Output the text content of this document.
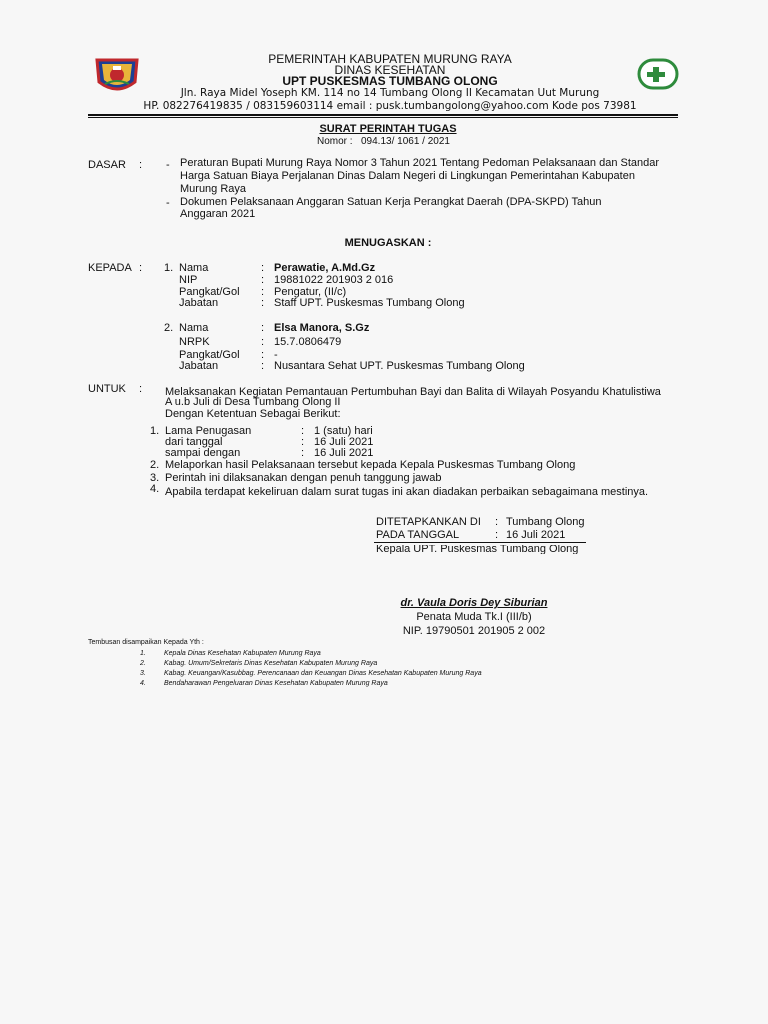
PEMERINTAH KABUPATEN MURUNG RAYA
DINAS KESEHATAN
UPT PUSKESMAS TUMBANG OLONG
Jln. Raya Midel Yoseph KM. 114 no 14 Tumbang Olong II Kecamatan Uut Murung
HP. 082276419835 / 083159603114 email : pusk.tumbangolong@yahoo.com Kode pos 73981
SURAT PERINTAH TUGAS
Nomor : 094.13/ 1061 / 2021
DASAR : - Peraturan Bupati Murung Raya Nomor 3 Tahun 2021 Tentang Pedoman Pelaksanaan dan Standar
Harga Satuan Biaya Perjalanan Dinas Dalam Negeri di Lingkungan Pemerintahan Kabupaten
Murung Raya
- Dokumen Pelaksanaan Anggaran Satuan Kerja Perangkat Daerah (DPA-SKPD) Tahun
Anggaran 2021
MENUGASKAN :
KEPADA : 1. Nama	: Perawatie, A.Md.Gz
NIP	: 19881022 201903 2 016
Pangkat/Gol : Pengatur, (II/c)
Jabatan	: Staff UPT. Puskesmas Tumbang Olong
2. Nama	: Elsa Manora, S.Gz
NRPK	: 15.7.0806479
Pangkat/Gol : -
Jabatan	: Nusantara Sehat UPT. Puskesmas Tumbang Olong
UNTUK : Melaksanakan Kegiatan Pemantauan Pertumbuhan Bayi dan Balita di Wilayah Posyandu Khatulistiwa
A u.b Juli di Desa Tumbang Olong II
Dengan Ketentuan Sebagai Berikut:
1. Lama Penugasan	: 1 (satu) hari
dari tanggal	: 16 Juli 2021
sampai dengan	: 16 Juli 2021
2. Melaporkan hasil Pelaksanaan tersebut kepada Kepala Puskesmas Tumbang Olong
3. Perintah ini dilaksanakan dengan penuh tanggung jawab
4. Apabila terdapat kekeliruan dalam surat tugas ini akan diadakan perbaikan sebagaimana mestinya.
DITETAPKANKAN DI : Tumbang Olong
PADA TANGGAL	: 16 Juli 2021
Kepala UPT. Puskesmas Tumbang Olong
dr. Vaula Doris Dey Siburian
Penata Muda Tk.I (III/b)
NIP. 19790501 201905 2 002
Tembusan disampaikan Kepada Yth :
1.	Kepala Dinas Kesehatan Kabupaten Murung Raya
2.	Kabag. Umum/Sekretaris Dinas Kesehatan Kabupaten Murung Raya
3.	Kabag. Keuangan/Kasubbag. Perencanaan dan Keuangan Dinas Kesehatan Kabupaten Murung Raya
4.	Bendaharawan Pengeluaran Dinas Kesehatan Kabupaten Murung Raya
